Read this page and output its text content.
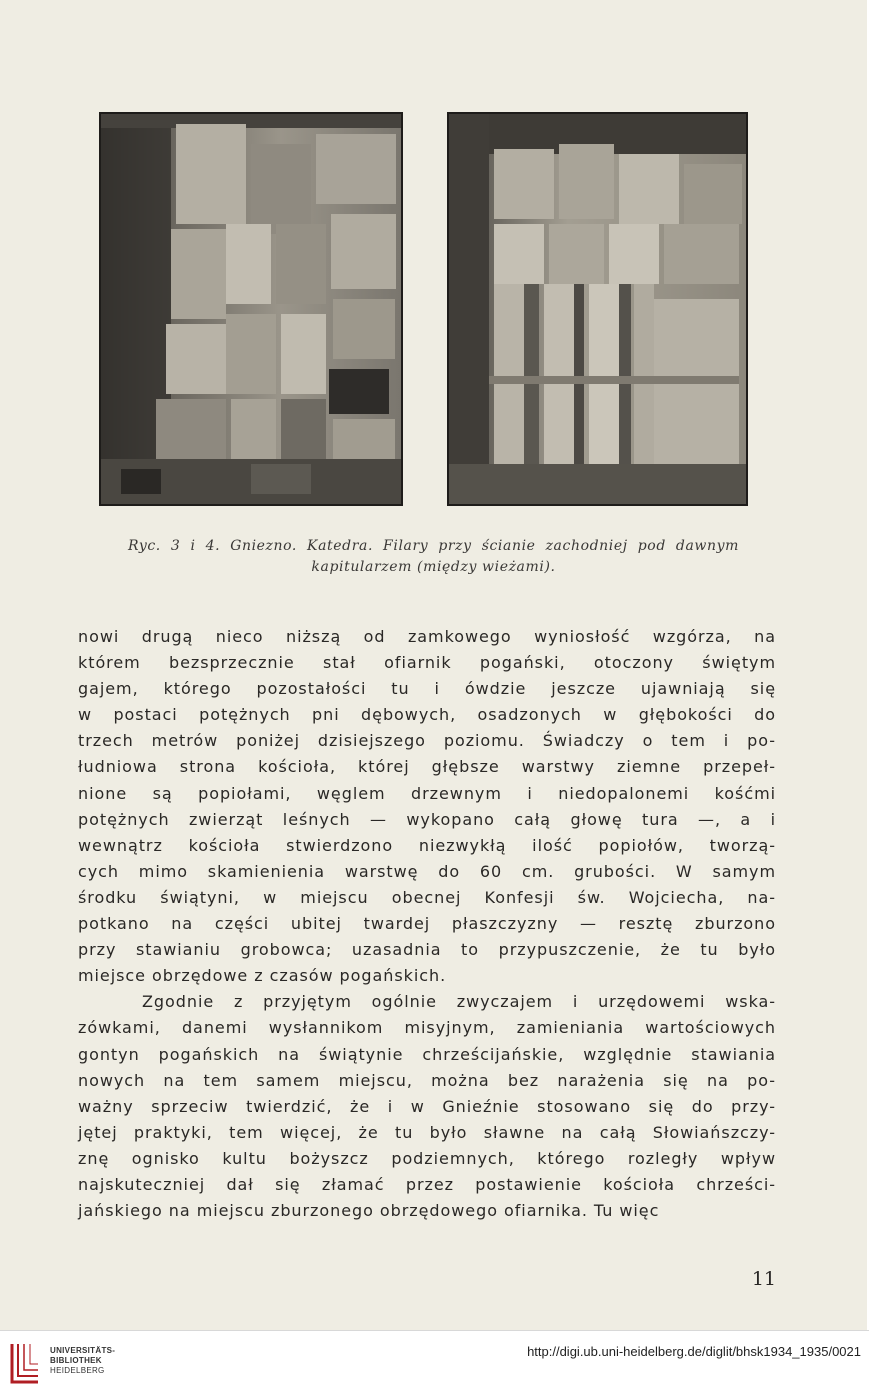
Ryc. 3 i 4. Gniezno. Katedra. Filary przy ścianie zachodniej pod dawnym
kapitularzem (między wieżami).

nowi drugą nieco niższą od zamkowego wyniosłość wzgórza, na
którem bezsprzecznie stał ofiarnik pogański, otoczony świętym
gajem, którego pozostałości tu i ówdzie jeszcze ujawniają się
w postaci potężnych pni dębowych, osadzonych w głębokości do
trzech metrów poniżej dzisiejszego poziomu. Świadczy o tem i po-
łudniowa strona kościoła, której głębsze warstwy ziemne przepeł-
nione są popiołami, węglem drzewnym i niedopalonemi kośćmi
potężnych zwierząt leśnych — wykopano całą głowę tura —, a i
wewnątrz kościoła stwierdzono niezwykłą ilość popiołów, tworzą-
cych mimo skamienienia warstwę do 60 cm. grubości. W samym
środku świątyni, w miejscu obecnej Konfesji św. Wojciecha, na-
potkano na części ubitej twardej płaszczyzny — resztę zburzono
przy stawianiu grobowca; uzasadnia to przypuszczenie, że tu było
miejsce obrzędowe z czasów pogańskich.

Zgodnie z przyjętym ogólnie zwyczajem i urzędowemi wska-
zówkami, danemi wysłannikom misyjnym, zamieniania wartościowych
gontyn pogańskich na świątynie chrześcijańskie, względnie stawiania
nowych na tem samem miejscu, można bez narażenia się na po-
ważny sprzeciw twierdzić, że i w Gnieźnie stosowano się do przy-
jętej praktyki, tem więcej, że tu było sławne na całą Słowiańszczy-
znę ognisko kultu bożyszcz podziemnych, którego rozległy wpływ
najskuteczniej dał się złamać przez postawienie kościoła chrześci-
jańskiego na miejscu zburzonego obrzędowego ofiarnika. Tu więc

11
UNIVERSITÄTS-
BIBLIOTHEK
HEIDELBERG
http://digi.ub.uni-heidelberg.de/diglit/bhsk1934_1935/0021
